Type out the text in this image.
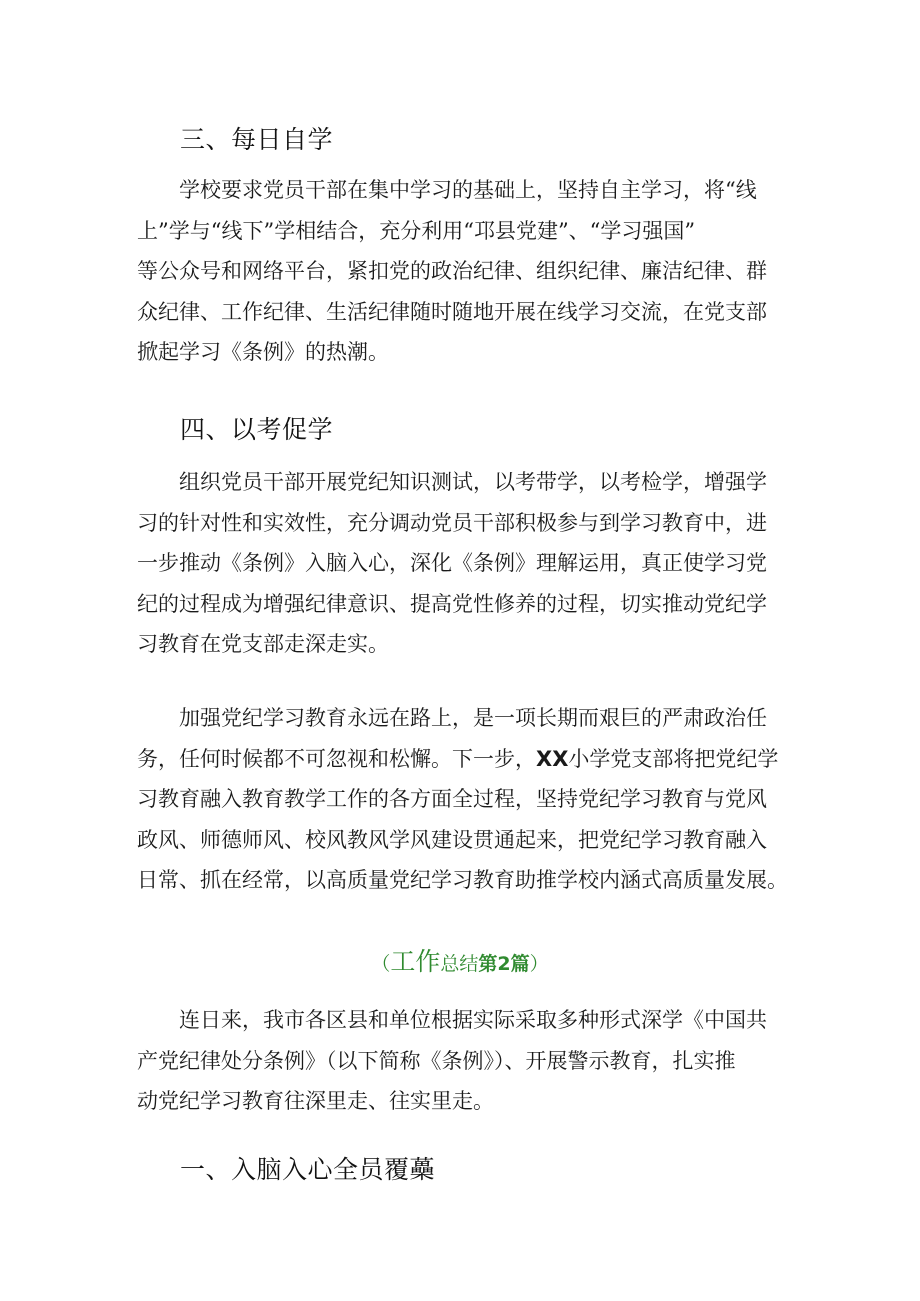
三、每日自学

学校要求党员干部在集中学习的基础上，坚持自主学习，将“线
上”学与“线下”学相结合，充分利用“邛县党建”、“学习强国”
等公众号和网络平台，紧扣党的政治纪律、组织纪律、廉洁纪律、群
众纪律、工作纪律、生活纪律随时随地开展在线学习交流，在党支部
掀起学习《条例》的热潮。

四、以考促学

组织党员干部开展党纪知识测试，以考带学，以考检学，增强学
习的针对性和实效性，充分调动党员干部积极参与到学习教育中，进
一步推动《条例》入脑入心，深化《条例》理解运用，真正使学习党
纪的过程成为增强纪律意识、提高党性修养的过程，切实推动党纪学
习教育在党支部走深走实。

加强党纪学习教育永远在路上，是一项长期而艰巨的严肃政治任
务，任何时候都不可忽视和松懈。下一步，XX小学党支部将把党纪学
习教育融入教育教学工作的各方面全过程，坚持党纪学习教育与党风
政风、师德师风、校风教风学风建设贯通起来，把党纪学习教育融入
日常、抓在经常，以高质量党纪学习教育助推学校内涵式高质量发展。

（工作总结第2篇）

连日来，我市各区县和单位根据实际采取多种形式深学《中国共
产党纪律处分条例》（以下简称《条例》）、开展警示教育，扎实推
动党纪学习教育往深里走、往实里走。

一、入脑入心全员覆蘽
